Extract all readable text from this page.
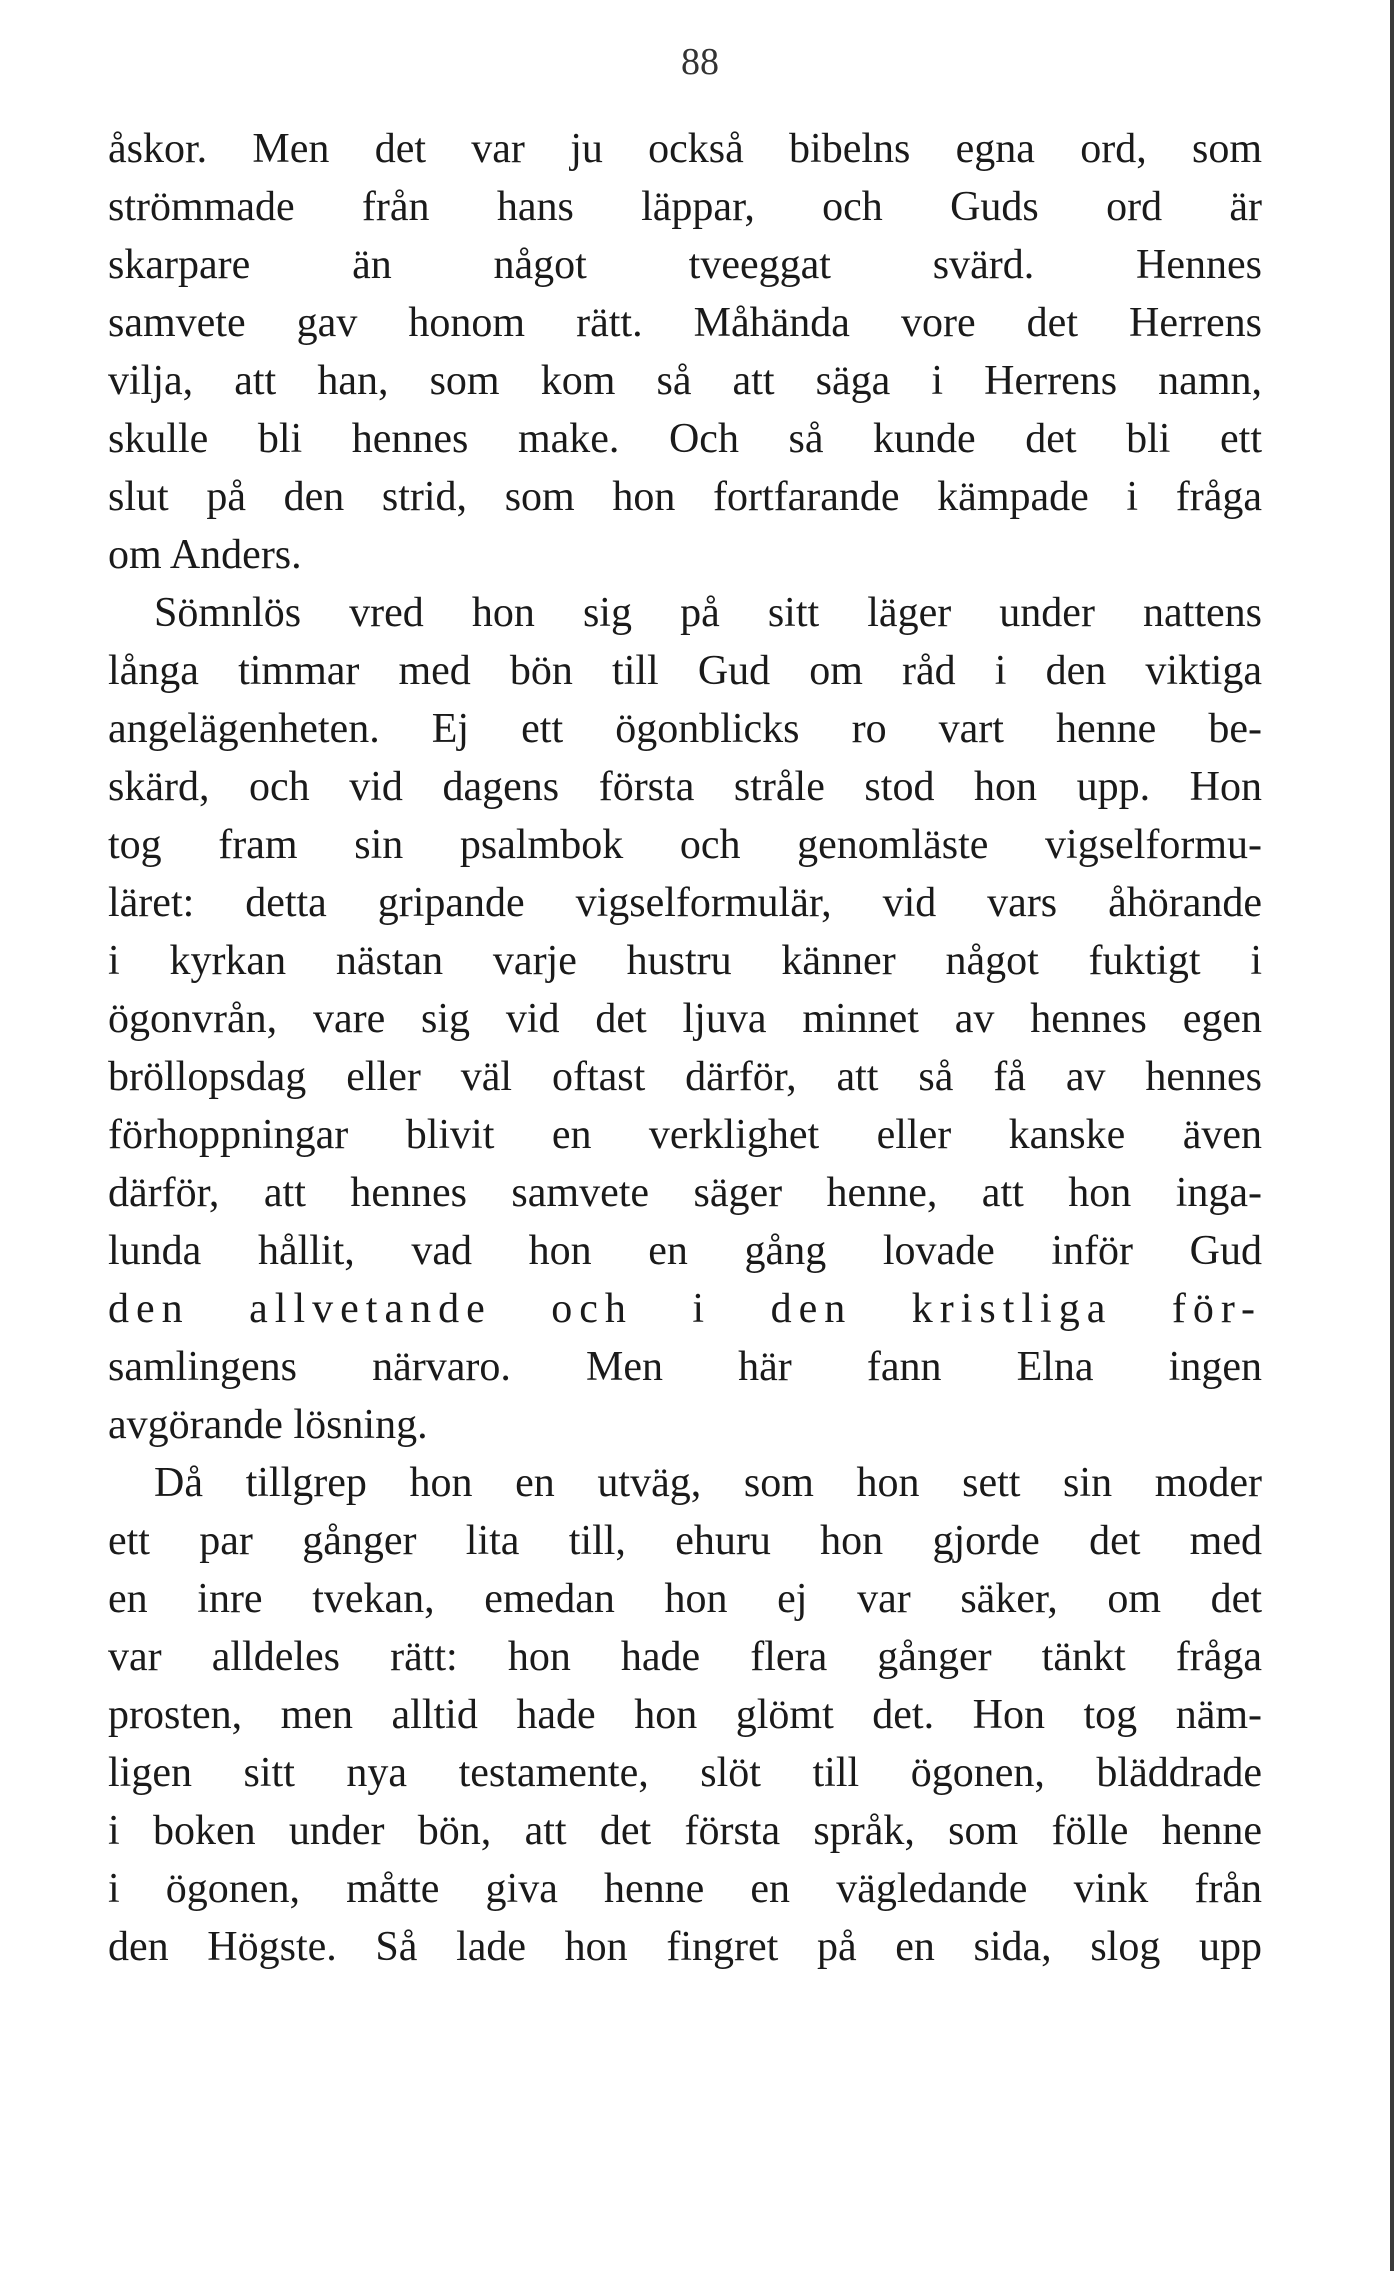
88
åskor. Men det var ju också bibelns egna ord, som
strömmade från hans läppar, och Guds ord är
skarpare än något tveeggat svärd. Hennes
samvete gav honom rätt. Måhända vore det Herrens
vilja, att han, som kom så att säga i Herrens namn,
skulle bli hennes make. Och så kunde det bli ett
slut på den strid, som hon fortfarande kämpade i fråga
om Anders.
Sömnlös vred hon sig på sitt läger under nattens
långa timmar med bön till Gud om råd i den viktiga
angelägenheten. Ej ett ögonblicks ro vart henne be-
skärd, och vid dagens första stråle stod hon upp. Hon
tog fram sin psalmbok och genomläste vigselformu-
läret: detta gripande vigselformulär, vid vars åhörande
i kyrkan nästan varje hustru känner något fuktigt i
ögonvrån, vare sig vid det ljuva minnet av hennes egen
bröllopsdag eller väl oftast därför, att så få av hennes
förhoppningar blivit en verklighet eller kanske även
därför, att hennes samvete säger henne, att hon inga-
lunda hållit, vad hon en gång lovade inför Gud
den allvetande och i den kristliga för-
samlingens närvaro. Men här fann Elna ingen
avgörande lösning.
Då tillgrep hon en utväg, som hon sett sin moder
ett par gånger lita till, ehuru hon gjorde det med
en inre tvekan, emedan hon ej var säker, om det
var alldeles rätt: hon hade flera gånger tänkt fråga
prosten, men alltid hade hon glömt det. Hon tog näm-
ligen sitt nya testamente, slöt till ögonen, bläddrade
i boken under bön, att det första språk, som fölle henne
i ögonen, måtte giva henne en vägledande vink från
den Högste. Så lade hon fingret på en sida, slog upp
